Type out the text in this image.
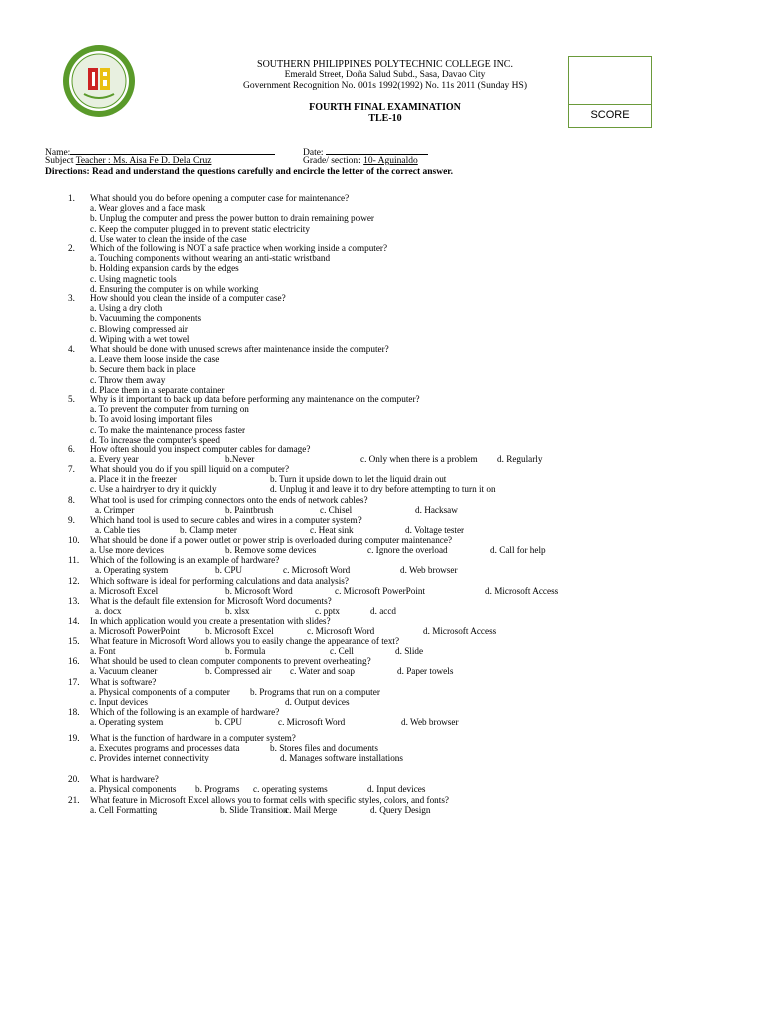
SOUTHERN PHILIPPINES POLYTECHNIC COLLEGE INC.
Emerald Street, Doña Salud Subd., Sasa, Davao City
Government Recognition No. 001s 1992(1992) No. 11s 2011 (Sunday HS)
FOURTH FINAL EXAMINATION
TLE-10	SCORE
Name:	Date:
Subject Teacher : Ms. Aisa Fe D. Dela Cruz	Grade/ section: 10- Aguinaldo
Directions: Read and understand the questions carefully and encircle the letter of the correct answer.
1.	What should you do before opening a computer case for maintenance?
a. Wear gloves and a face mask
b. Unplug the computer and press the power button to drain remaining power
c. Keep the computer plugged in to prevent static electricity
d. Use water to clean the inside of the case
2.	Which of the following is NOT a safe practice when working inside a computer?
a. Touching components without wearing an anti-static wristband
b. Holding expansion cards by the edges
c. Using magnetic tools
d. Ensuring the computer is on while working
3.	How should you clean the inside of a computer case?
a. Using a dry cloth
b. Vacuuming the components
c. Blowing compressed air
d. Wiping with a wet towel
4.	What should be done with unused screws after maintenance inside the computer?
a. Leave them loose inside the case
b. Secure them back in place
c. Throw them away
d. Place them in a separate container
5.	Why is it important to back up data before performing any maintenance on the computer?
a. To prevent the computer from turning on
b. To avoid losing important files
c. To make the maintenance process faster
d. To increase the computer's speed
6.	How often should you inspect computer cables for damage?
a. Every year	b.Never	c. Only when there is a problem d. Regularly
7.	What should you do if you spill liquid on a computer?
a. Place it in the freezer	b. Turn it upside down to let the liquid drain out
c. Use a hairdryer to dry it quickly	d. Unplug it and leave it to dry before attempting to turn it on
8.	What tool is used for crimping connectors onto the ends of network cables?
a. Crimper	b. Paintbrush	c. Chisel	d. Hacksaw
9.	Which hand tool is used to secure cables and wires in a computer system?
a. Cable ties	b. Clamp meter	c. Heat sink	d. Voltage tester
10.	What should be done if a power outlet or power strip is overloaded during computer maintenance?
a. Use more devices	b. Remove some devices	c. Ignore the overload	d. Call for help
11.	Which of the following is an example of hardware?
a. Operating system	b. CPU	c. Microsoft Word	d. Web browser
12.	Which software is ideal for performing calculations and data analysis?
a. Microsoft Excel	b. Microsoft Word	c. Microsoft PowerPoint	d. Microsoft Access
13.	What is the default file extension for Microsoft Word documents?
a. docx	b. xlsx	c. pptx	d. accd
14.	In which application would you create a presentation with slides?
a. Microsoft PowerPoint	b. Microsoft Excel	c. Microsoft Word	d. Microsoft Access
15.	What feature in Microsoft Word allows you to easily change the appearance of text?
a. Font	b. Formula	c. Cell	d. Slide
16.	What should be used to clean computer components to prevent overheating?
a. Vacuum cleaner	b. Compressed air c. Water and soap	d. Paper towels
17.	What is software?
a. Physical components of a computer b. Programs that run on a computer
c. Input devices	d. Output devices
18.	Which of the following is an example of hardware?
a. Operating system	b. CPU	c. Microsoft Word	d. Web browser
19.	What is the function of hardware in a computer system?
a. Executes programs and processes data	b. Stores files and documents
c. Provides internet connectivity	d. Manages software installations
20.	What is hardware?
a. Physical components b. Programs c. operating systems	d. Input devices
21.	What feature in Microsoft Excel allows you to format cells with specific styles, colors, and fonts?
a. Cell Formatting	b. Slide Transition
c. Mail Merge	d. Query Design
